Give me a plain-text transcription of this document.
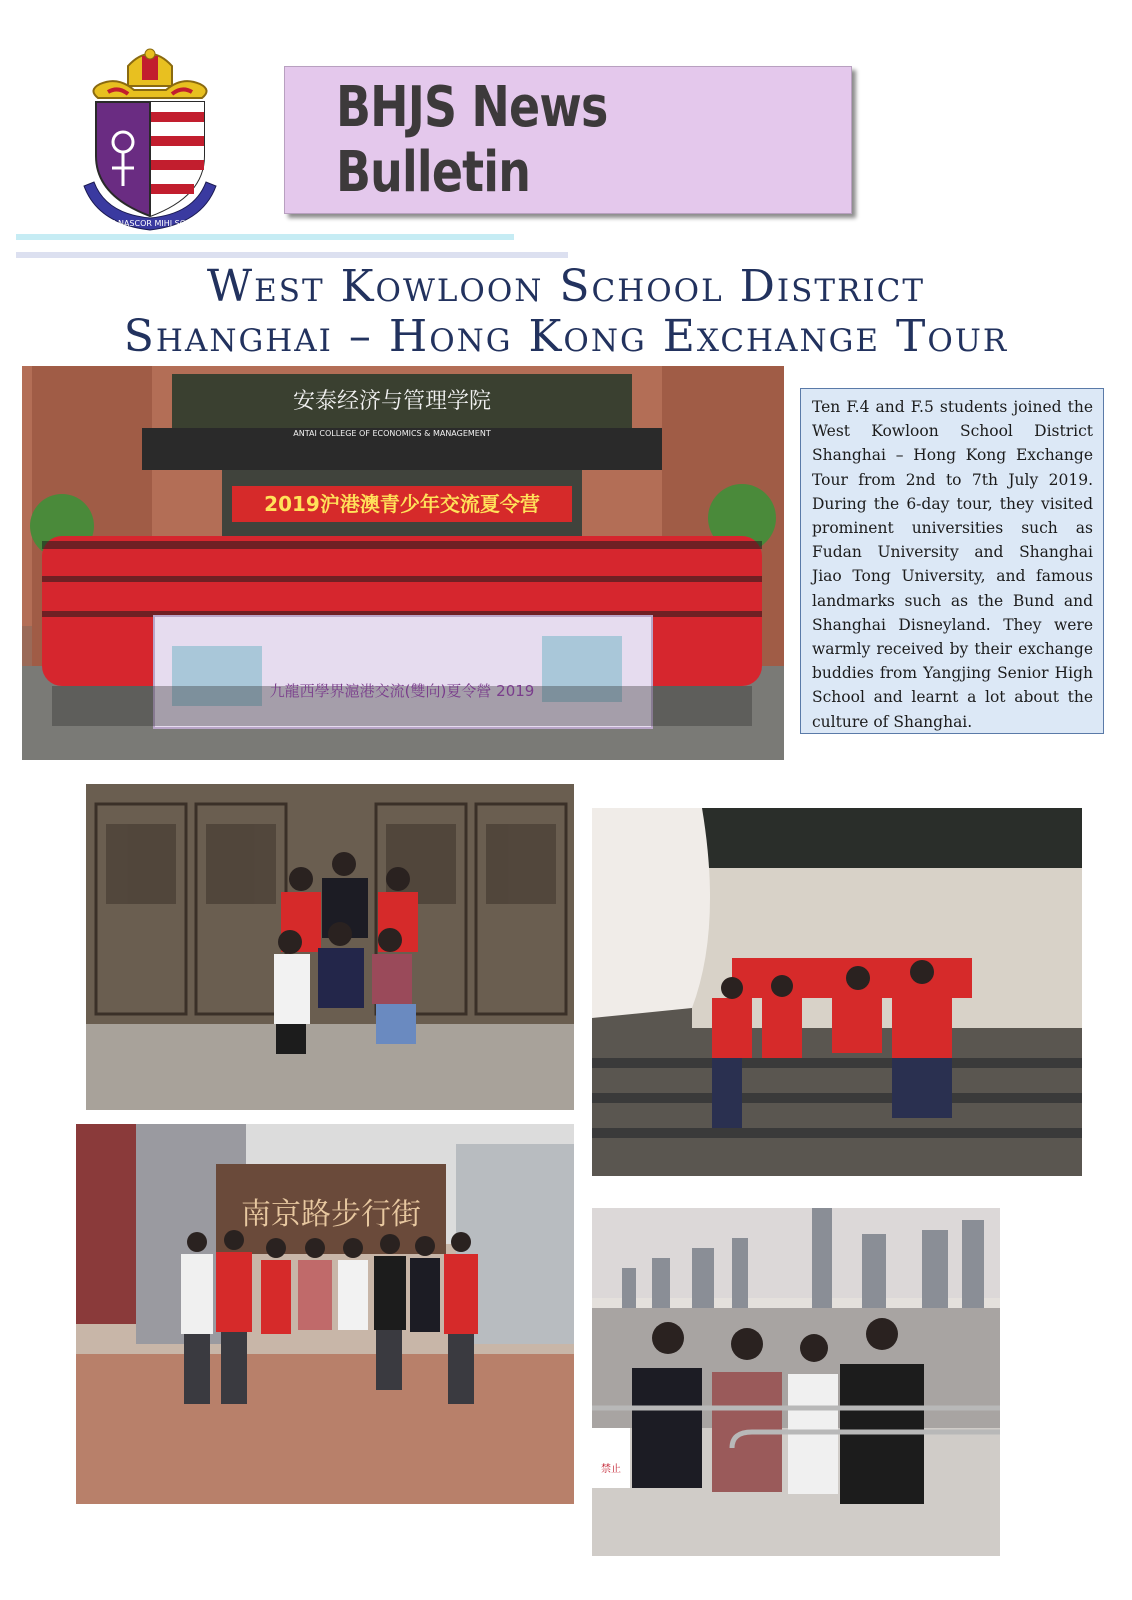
NON NASCOR MIHI SOLUM
BHJS News Bulletin
West Kowloon School District
Shanghai – Hong Kong Exchange Tour
安泰经济与管理学院
ANTAI COLLEGE OF ECONOMICS & MANAGEMENT
2019沪港澳青少年交流夏令营
九龍西學界滬港交流(雙向)夏令營 2019

Ten F.4 and F.5 students joined the West Kowloon School District Shanghai – Hong Kong Exchange Tour from 2nd to 7th July 2019. During the 6-day tour, they visited prominent universities such as Fudan University and Shanghai Jiao Tong University, and famous landmarks such as the Bund and Shanghai Disneyland. They were warmly received by their exchange buddies from Yangjing Senior High School and learnt a lot about the culture of Shanghai.

南京路步行街
禁止
